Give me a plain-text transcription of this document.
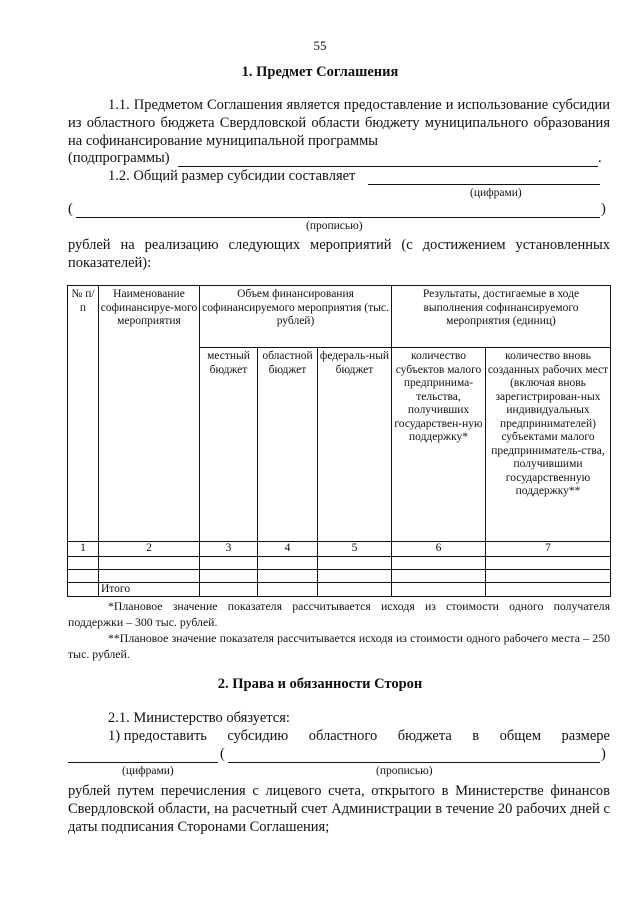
55
1. Предмет Соглашения
1.1. Предметом Соглашения является предоставление и использование субсидии из областного бюджета Свердловской области бюджету муниципального образования на софинансирование муниципальной программы
(подпрограммы)	.
1.2. Общий размер субсидии составляет
(цифрами)
(	)
(прописью)
рублей на реализацию следующих мероприятий (с достижением установленных показателей):
№ п/п	Наименование софинансируе-мого мероприятия	Объем финансирования софинансируемого мероприятия (тыс. рублей)			Результаты, достигаемые в ходе выполнения софинансируемого мероприятия (единиц)	
		местный бюджет	областной бюджет	федераль-ный бюджет	количество субъектов малого предпринима-тельства, получивших государствен-ную поддержку*	количество вновь созданных рабочих мест (включая вновь зарегистрирован-ных индивидуальных предпринимателей) субъектами малого предприниматель-ства, получившими государственную поддержку**
1	2	3	4	5	6	7

	Итого					
*Плановое значение показателя рассчитывается исходя из стоимости одного получателя поддержки – 300 тыс. рублей.
**Плановое значение показателя рассчитывается исходя из стоимости одного рабочего места – 250 тыс. рублей.
2. Права и обязанности Сторон
2.1. Министерство обязуется:
1) предоставить субсидию областного бюджета в общем размере
(	)
(цифрами)	(прописью)
рублей путем перечисления с лицевого счета, открытого в Министерстве финансов Свердловской области, на расчетный счет Администрации в течение 20 рабочих дней с даты подписания Сторонами Соглашения;
